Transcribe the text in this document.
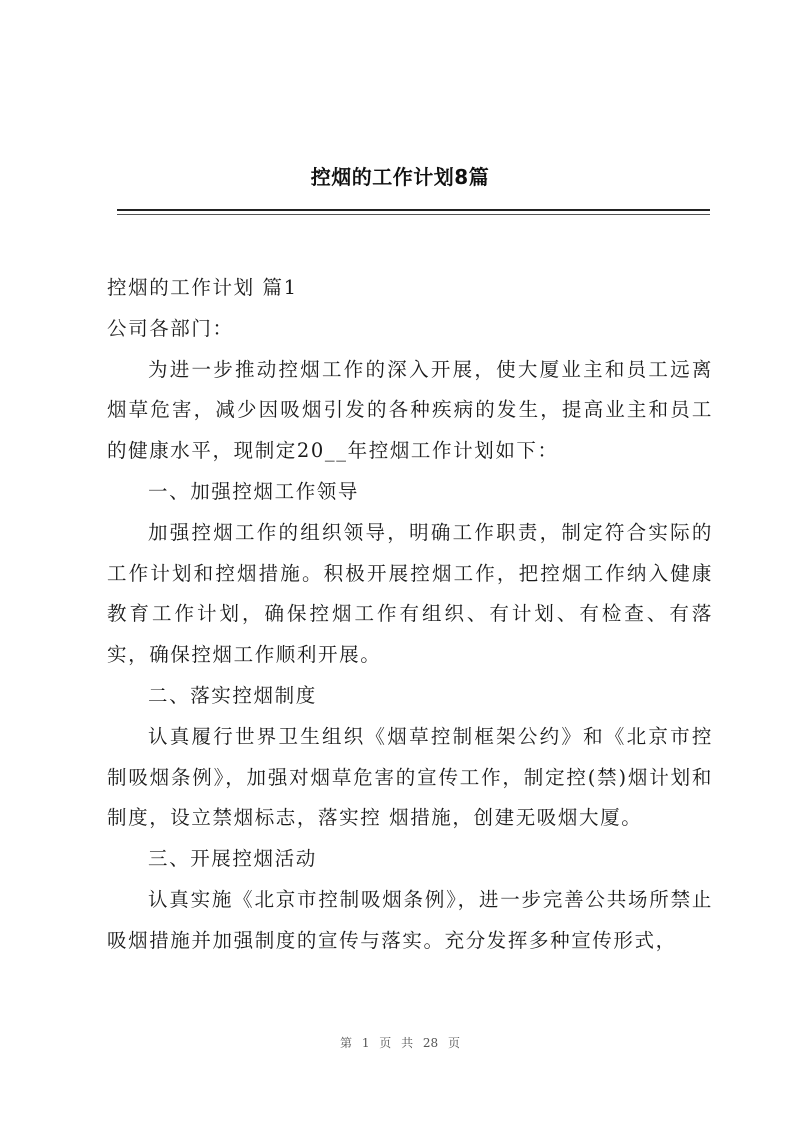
控烟的工作计划8篇

控烟的工作计划 篇1

公司各部门：

为进一步推动控烟工作的深入开展，使大厦业主和员工远离烟草危害，减少因吸烟引发的各种疾病的发生，提高业主和员工的健康水平，现制定20__年控烟工作计划如下：

一、加强控烟工作领导

加强控烟工作的组织领导，明确工作职责，制定符合实际的工作计划和控烟措施。积极开展控烟工作，把控烟工作纳入健康教育工作计划，确保控烟工作有组织、有计划、有检查、有落实，确保控烟工作顺利开展。

二、落实控烟制度

认真履行世界卫生组织《烟草控制框架公约》和《北京市控制吸烟条例》，加强对烟草危害的宣传工作，制定控(禁)烟计划和制度，设立禁烟标志，落实控 烟措施，创建无吸烟大厦。

三、开展控烟活动

认真实施《北京市控制吸烟条例》，进一步完善公共场所禁止吸烟措施并加强制度的宣传与落实。充分发挥多种宣传形式，

第 1 页 共 28 页
